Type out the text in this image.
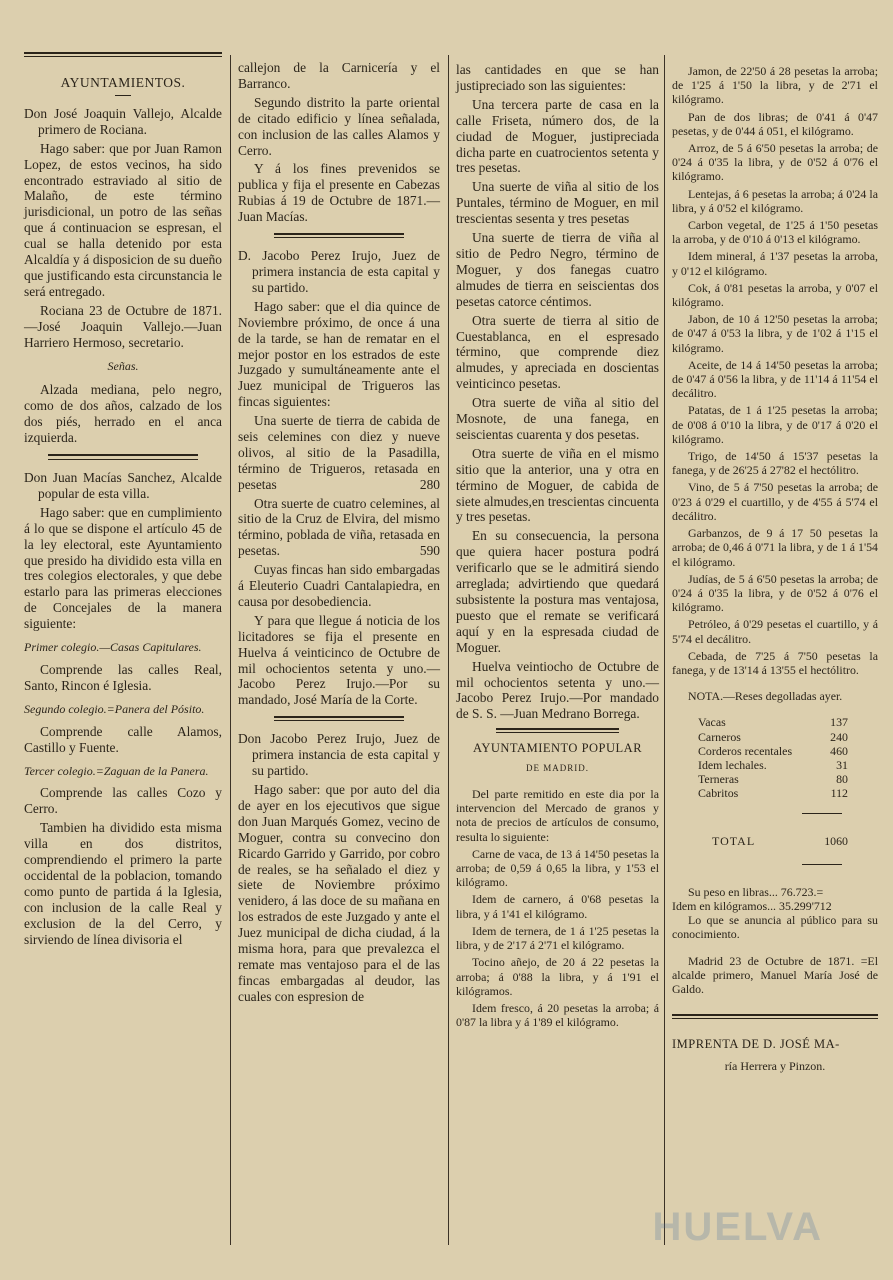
AYUNTAMIENTOS.

Don José Joaquin Vallejo, Alcalde primero de Rociana.

Hago saber: que por Juan Ramon Lopez, de estos vecinos, ha sido encontrado estraviado al sitio de Malaño, de este término jurisdicional, un potro de las señas que á continuacion se espresan, el cual se halla detenido por esta Alcaldía y á disposicion de su dueño que justificando esta circunstancia le será entregado.

Rociana 23 de Octubre de 1871.—José Joaquin Vallejo.—Juan Harriero Hermoso, secretario.

Señas.

Alzada mediana, pelo negro, como de dos años, calzado de los dos piés, herrado en el anca izquierda.

Don Juan Macías Sanchez, Alcalde popular de esta villa.

Hago saber: que en cumplimiento á lo que se dispone el artículo 45 de la ley electoral, este Ayuntamiento que presido ha dividido esta villa en tres colegios electorales, y que debe estarlo para las primeras elecciones de Concejales de la manera siguiente:

Primer colegio.—Casas Capitulares.

Comprende las calles Real, Santo, Rincon é Iglesia.

Segundo colegio.=Panera del Pósito.

Comprende calle Alamos, Castillo y Fuente.

Tercer colegio.=Zaguan de la Panera.

Comprende las calles Cozo y Cerro.

Tambien ha dividido esta misma villa en dos distritos, comprendiendo el primero la parte occidental de la poblacion, tomando como punto de partida á la Iglesia, con inclusion de la calle Real y exclusion de la del Cerro, y sirviendo de línea divisoria el

callejon de la Carnicería y el Barranco.

Segundo distrito la parte oriental de citado edificio y línea señalada, con inclusion de las calles Alamos y Cerro.

Y á los fines prevenidos se publica y fija el presente en Cabezas Rubias á 19 de Octubre de 1871.—Juan Macías.

D. Jacobo Perez Irujo, Juez de primera instancia de esta capital y su partido.

Hago saber: que el dia quince de Noviembre próximo, de once á una de la tarde, se han de rematar en el mejor postor en los estrados de este Juzgado y sumultáneamente ante el Juez municipal de Trigueros las fincas siguientes:

Una suerte de tierra de cabida de seis celemines con diez y nueve olivos, al sitio de la Pasadilla, término de Trigueros, retasada en pesetas	280

Otra suerte de cuatro celemines, al sitio de la Cruz de Elvira, del mismo término, poblada de viña, retasada en pesetas.	590

Cuyas fincas han sido embargadas á Eleuterio Cuadri Cantalapiedra, en causa por desobediencia.

Y para que llegue á noticia de los licitadores se fija el presente en Huelva á veinticinco de Octubre de mil ochocientos setenta y uno.—Jacobo Perez Irujo.—Por su mandado, José María de la Corte.

Don Jacobo Perez Irujo, Juez de primera instancia de esta capital y su partido.

Hago saber: que por auto del dia de ayer en los ejecutivos que sigue don Juan Marqués Gomez, vecino de Moguer, contra su convecino don Ricardo Garrido y Garrido, por cobro de reales, se ha señalado el diez y siete de Noviembre próximo venidero, á las doce de su mañana en los estrados de este Juzgado y ante el Juez municipal de dicha ciudad, á la misma hora, para que prevalezca el remate mas ventajoso para el de las fincas embargadas al deudor, las cuales con espresion de

las cantidades en que se han justipreciado son las siguientes:

Una tercera parte de casa en la calle Friseta, número dos, de la ciudad de Moguer, justipreciada dicha parte en cuatrocientos setenta y tres pesetas.

Una suerte de viña al sitio de los Puntales, término de Moguer, en mil trescientas sesenta y tres pesetas

Una suerte de tierra de viña al sitio de Pedro Negro, término de Moguer, y dos fanegas cuatro almudes de tierra en seiscientas dos pesetas catorce céntimos.

Otra suerte de tierra al sitio de Cuestablanca, en el espresado término, que comprende diez almudes, y apreciada en doscientas veinticinco pesetas.

Otra suerte de viña al sitio del Mosnote, de una fanega, en seiscientas cuarenta y dos pesetas.

Otra suerte de viña en el mismo sitio que la anterior, una y otra en término de Moguer, de cabida de siete almudes,en trescientas cincuenta y tres pesetas.

En su consecuencia, la persona que quiera hacer postura podrá verificarlo que se le admitirá siendo arreglada; advirtiendo que quedará subsistente la postura mas ventajosa, puesto que el remate se verificará aquí y en la espresada ciudad de Moguer.

Huelva veintiocho de Octubre de mil ochocientos setenta y uno.—Jacobo Perez Irujo.—Por mandado de S. S. —Juan Medrano Borrega.

AYUNTAMIENTO POPULAR
DE MADRID.

Del parte remitido en este dia por la intervencion del Mercado de granos y nota de precios de artículos de consumo, resulta lo siguiente:

Carne de vaca, de 13 á 14'50 pesetas la arroba; de 0,59 á 0,65 la libra, y 1'53 el kilógramo.

Idem de carnero, á 0'68 pesetas la libra, y á 1'41 el kilógramo.

Idem de ternera, de 1 á 1'25 pesetas la libra, y de 2'17 á 2'71 el kilógramo.

Tocino añejo, de 20 á 22 pesetas la arroba; á 0'88 la libra, y á 1'91 el kilógramos.

Idem fresco, á 20 pesetas la arroba; á 0'87 la libra y á 1'89 el kilógramo.

Jamon, de 22'50 á 28 pesetas la arroba; de 1'25 á 1'50 la libra, y de 2'71 el kilógramo.

Pan de dos libras; de 0'41 á 0'47 pesetas, y de 0'44 á 051, el kilógramo.

Arroz, de 5 á 6'50 pesetas la arroba; de 0'24 á 0'35 la libra, y de 0'52 á 0'76 el kilógramo.

Lentejas, á 6 pesetas la arroba; á 0'24 la libra, y á 0'52 el kilógramo.

Carbon vegetal, de 1'25 á 1'50 pesetas la arroba, y de 0'10 á 0'13 el kilógramo.

Idem mineral, á 1'37 pesetas la arroba, y 0'12 el kilógramo.

Cok, á 0'81 pesetas la arroba, y 0'07 el kilógramo.

Jabon, de 10 á 12'50 pesetas la arroba; de 0'47 á 0'53 la libra, y de 1'02 á 1'15 el kilógramo.

Aceite, de 14 á 14'50 pesetas la arroba; de 0'47 á 0'56 la libra, y de 11'14 á 11'54 el decálitro.

Patatas, de 1 á 1'25 pesetas la arroba; de 0'08 á 0'10 la libra, y de 0'17 á 0'20 el kilógramo.

Trigo, de 14'50 á 15'37 pesetas la fanega, y de 26'25 á 27'82 el hectólitro.

Vino, de 5 á 7'50 pesetas la arroba; de 0'23 á 0'29 el cuartillo, y de 4'55 á 5'74 el decálitro.

Garbanzos, de 9 á 17 50 pesetas la arroba; de 0,46 á 0'71 la libra, y de 1 á 1'54 el kilógramo.

Judías, de 5 á 6'50 pesetas la arroba; de 0'24 á 0'35 la libra, y de 0'52 á 0'76 el kilógramo.

Petróleo, á 0'29 pesetas el cuartillo, y á 5'74 el decálitro.

Cebada, de 7'25 á 7'50 pesetas la fanega, y de 13'14 á 13'55 el hectólitro.

NOTA.—Reses degolladas ayer.

Vacas	137
Carneros	240
Corderos recentales	460
Idem lechales.	31
Terneras	80
Cabritos	112
TOTAL	1060

Su peso en libras... 76.723.=

Idem en kilógramos... 35.299'712

Lo que se anuncia al público para su conocimiento.

Madrid 23 de Octubre de 1871. =El alcalde primero, Manuel María José de Galdo.

IMPRENTA DE D. JOSÉ MA-
ría Herrera y Pinzon.
HUELVA
